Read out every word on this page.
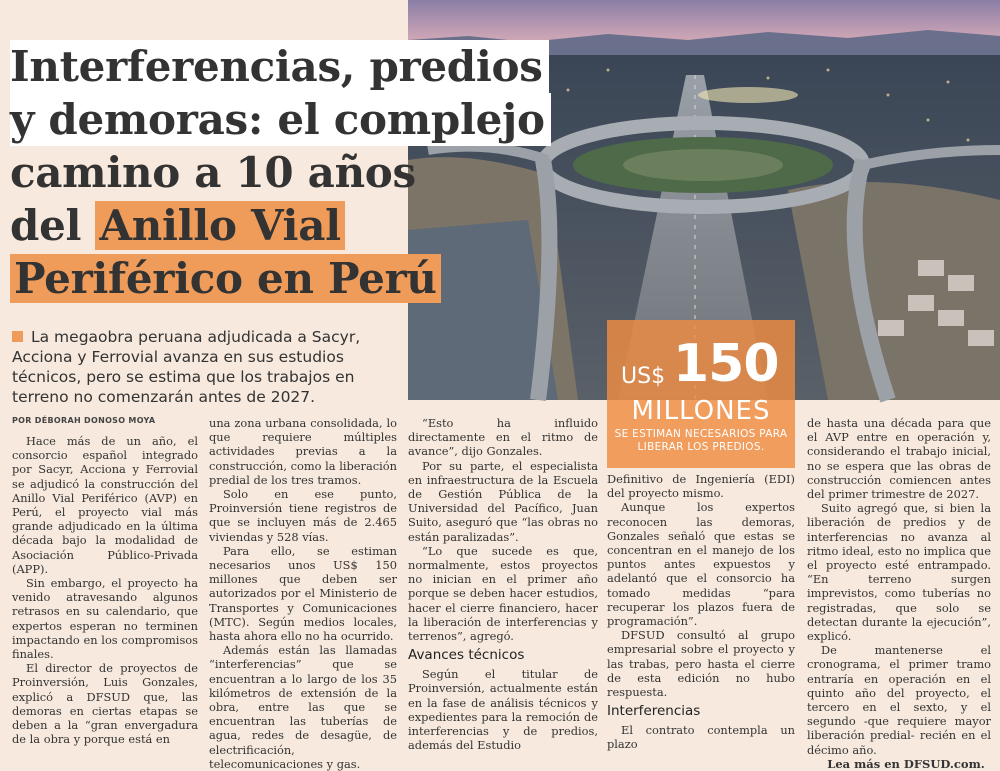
Interferencias, predios
y demoras: el complejo
camino a 10 años
del Anillo Vial
Periférico en Perú
La megaobra peruana adjudicada a Sacyr, Acciona y Ferrovial avanza en sus estudios técnicos, pero se estima que los trabajos en terreno no comenzarán antes de 2027.
POR DÉBORAH DONOSO MOYA
US$ 150
MILLONES
SE ESTIMAN NECESARIOS PARA LIBERAR LOS PREDIOS.

Hace más de un año, el consorcio español integrado por Sacyr, Acciona y Ferrovial se adjudicó la construcción del Anillo Vial Periférico (AVP) en Perú, el proyecto vial más grande adjudicado en la última década bajo la modalidad de Asociación Público-Privada (APP).

Sin embargo, el proyecto ha venido atravesando algunos retrasos en su calendario, que expertos esperan no terminen impactando en los compromisos finales.

El director de proyectos de Proinversión, Luis Gonzales, explicó a DFSUD que, las demoras en ciertas etapas se deben a la “gran envergadura de la obra y porque está en

una zona urbana consolidada, lo que requiere múltiples actividades previas a la construcción, como la liberación predial de los tres tramos.

Solo en ese punto, Proinversión tiene registros de que se incluyen más de 2.465 viviendas y 528 vías.

Para ello, se estiman necesarios unos US$ 150 millones que deben ser autorizados por el Ministerio de Transportes y Comunicaciones (MTC). Según medios locales, hasta ahora ello no ha ocurrido.

Además están las llamadas “interferencias” que se encuentran a lo largo de los 35 kilómetros de extensión de la obra, entre las que se encuentran las tuberías de agua, redes de desagüe, de electrificación, telecomunicaciones y gas.

“Esto ha influido directamente en el ritmo de avance”, dijo Gonzales.

Por su parte, el especialista en infraestructura de la Escuela de Gestión Pública de la Universidad del Pacífico, Juan Suito, aseguró que “las obras no están paralizadas”.

“Lo que sucede es que, normalmente, estos proyectos no inician en el primer año porque se deben hacer estudios, hacer el cierre financiero, hacer la liberación de interferencias y terrenos”, agregó.

Avances técnicos

Según el titular de Proinversión, actualmente están en la fase de análisis técnicos y expedientes para la remoción de interferencias y de predios, además del Estudio

Definitivo de Ingeniería (EDI) del proyecto mismo.

Aunque los expertos reconocen las demoras, Gonzales señaló que estas se concentran en el manejo de los puntos antes expuestos y adelantó que el consorcio ha tomado medidas “para recuperar los plazos fuera de programación”.

DFSUD consultó al grupo empresarial sobre el proyecto y las trabas, pero hasta el cierre de esta edición no hubo respuesta.

Interferencias

El contrato contempla un plazo

de hasta una década para que el AVP entre en operación y, considerando el trabajo inicial, no se espera que las obras de construcción comiencen antes del primer trimestre de 2027.

Suito agregó que, si bien la liberación de predios y de interferencias no avanza al ritmo ideal, esto no implica que el proyecto esté entrampado. “En terreno surgen imprevistos, como tuberías no registradas, que solo se detectan durante la ejecución”, explicó.

De mantenerse el cronograma, el primer tramo entraría en operación en el quinto año del proyecto, el tercero en el sexto, y el segundo -que requiere mayor liberación predial- recién en el décimo año.

Lea más en DFSUD.com.
